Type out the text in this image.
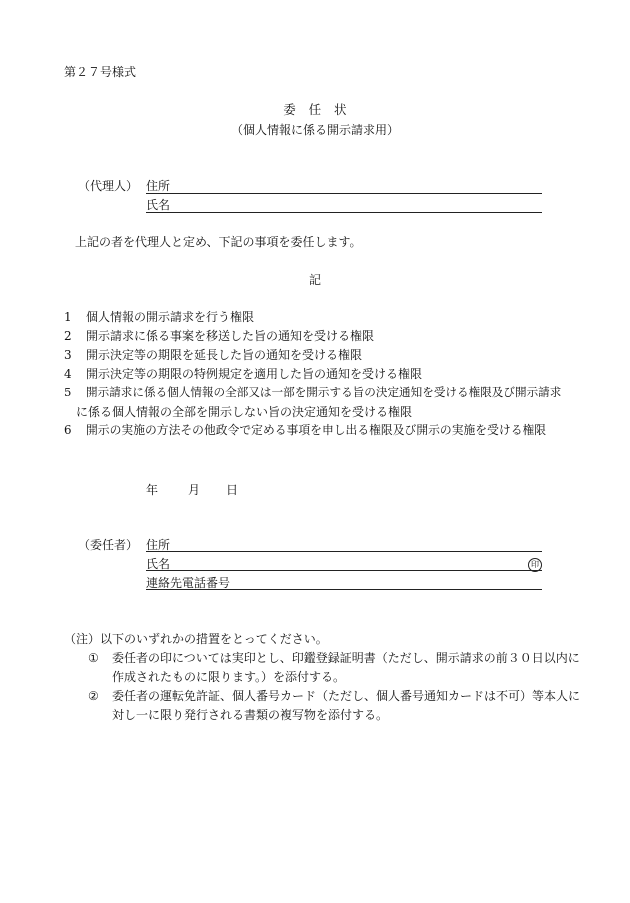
第２７号様式
委　任　状
（個人情報に係る開示請求用）
（代理人） 住所
氏名
上記の者を代理人と定め、下記の事項を委任します。
記
1 個人情報の開示請求を行う権限
2 開示請求に係る事案を移送した旨の通知を受ける権限
3 開示決定等の期限を延長した旨の通知を受ける権限
4 開示決定等の期限の特例規定を適用した旨の通知を受ける権限
5 開示請求に係る個人情報の全部又は一部を開示する旨の決定通知を受ける権限及び開示請求
に係る個人情報の全部を開示しない旨の決定通知を受ける権限
6 開示の実施の方法その他政令で定める事項を申し出る権限及び開示の実施を受ける権限
年	月 日
（委任者） 住所
氏名	印
連絡先電話番号
（注）以下のいずれかの措置をとってください。
① 委任者の印については実印とし、印鑑登録証明書（ただし、開示請求の前３０日以内に
作成されたものに限ります。）を添付する。
② 委任者の運転免許証、個人番号カード（ただし、個人番号通知カードは不可）等本人に
対し一に限り発行される書類の複写物を添付する。
